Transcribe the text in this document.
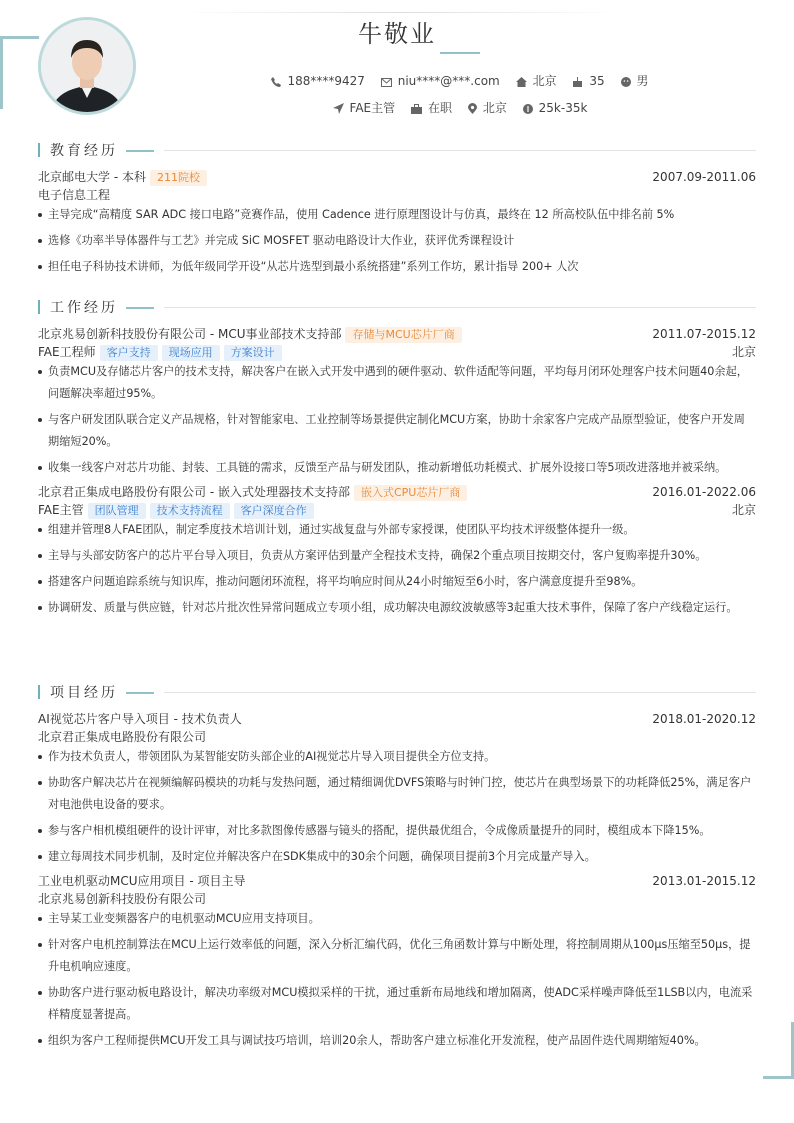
牛敬业
188****9427	niu****@***.com	北京	35	男
FAE主管	在职	北京	25k-35k
教育经历
北京邮电大学 - 本科 211院校	2007.09-2011.06
电子信息工程
主导完成“高精度 SAR ADC 接口电路”竞赛作品，使用 Cadence 进行原理图设计与仿真，最终在 12 所高校队伍中排名前 5%
选修《功率半导体器件与工艺》并完成 SiC MOSFET 驱动电路设计大作业，获评优秀课程设计
担任电子科协技术讲师，为低年级同学开设“从芯片选型到最小系统搭建”系列工作坊，累计指导 200+ 人次
工作经历
北京兆易创新科技股份有限公司 - MCU事业部技术支持部 存储与MCU芯片厂商	2011.07-2015.12
FAE工程师 客户支持 现场应用 方案设计	北京
负责MCU及存储芯片客户的技术支持，解决客户在嵌入式开发中遇到的硬件驱动、软件适配等问题，平均每月闭环处理客户技术问题40余起，问题解决率超过95%。
与客户研发团队联合定义产品规格，针对智能家电、工业控制等场景提供定制化MCU方案，协助十余家客户完成产品原型验证，使客户开发周期缩短20%。
收集一线客户对芯片功能、封装、工具链的需求，反馈至产品与研发团队，推动新增低功耗模式、扩展外设接口等5项改进落地并被采纳。
北京君正集成电路股份有限公司 - 嵌入式处理器技术支持部 嵌入式CPU芯片厂商	2016.01-2022.06
FAE主管 团队管理 技术支持流程 客户深度合作	北京
组建并管理8人FAE团队，制定季度技术培训计划，通过实战复盘与外部专家授课，使团队平均技术评级整体提升一级。
主导与头部安防客户的芯片平台导入项目，负责从方案评估到量产全程技术支持，确保2个重点项目按期交付，客户复购率提升30%。
搭建客户问题追踪系统与知识库，推动问题闭环流程，将平均响应时间从24小时缩短至6小时，客户满意度提升至98%。
协调研发、质量与供应链，针对芯片批次性异常问题成立专项小组，成功解决电源纹波敏感等3起重大技术事件，保障了客户产线稳定运行。
项目经历
AI视觉芯片客户导入项目 - 技术负责人	2018.01-2020.12
北京君正集成电路股份有限公司
作为技术负责人，带领团队为某智能安防头部企业的AI视觉芯片导入项目提供全方位支持。
协助客户解决芯片在视频编解码模块的功耗与发热问题，通过精细调优DVFS策略与时钟门控，使芯片在典型场景下的功耗降低25%，满足客户对电池供电设备的要求。
参与客户相机模组硬件的设计评审，对比多款图像传感器与镜头的搭配，提供最优组合，令成像质量提升的同时，模组成本下降15%。
建立每周技术同步机制，及时定位并解决客户在SDK集成中的30余个问题，确保项目提前3个月完成量产导入。
工业电机驱动MCU应用项目 - 项目主导	2013.01-2015.12
北京兆易创新科技股份有限公司
主导某工业变频器客户的电机驱动MCU应用支持项目。
针对客户电机控制算法在MCU上运行效率低的问题，深入分析汇编代码，优化三角函数计算与中断处理，将控制周期从100μs压缩至50μs，提升电机响应速度。
协助客户进行驱动板电路设计，解决功率级对MCU模拟采样的干扰，通过重新布局地线和增加隔离，使ADC采样噪声降低至1LSB以内，电流采样精度显著提高。
组织为客户工程师提供MCU开发工具与调试技巧培训，培训20余人，帮助客户建立标准化开发流程，使产品固件迭代周期缩短40%。
